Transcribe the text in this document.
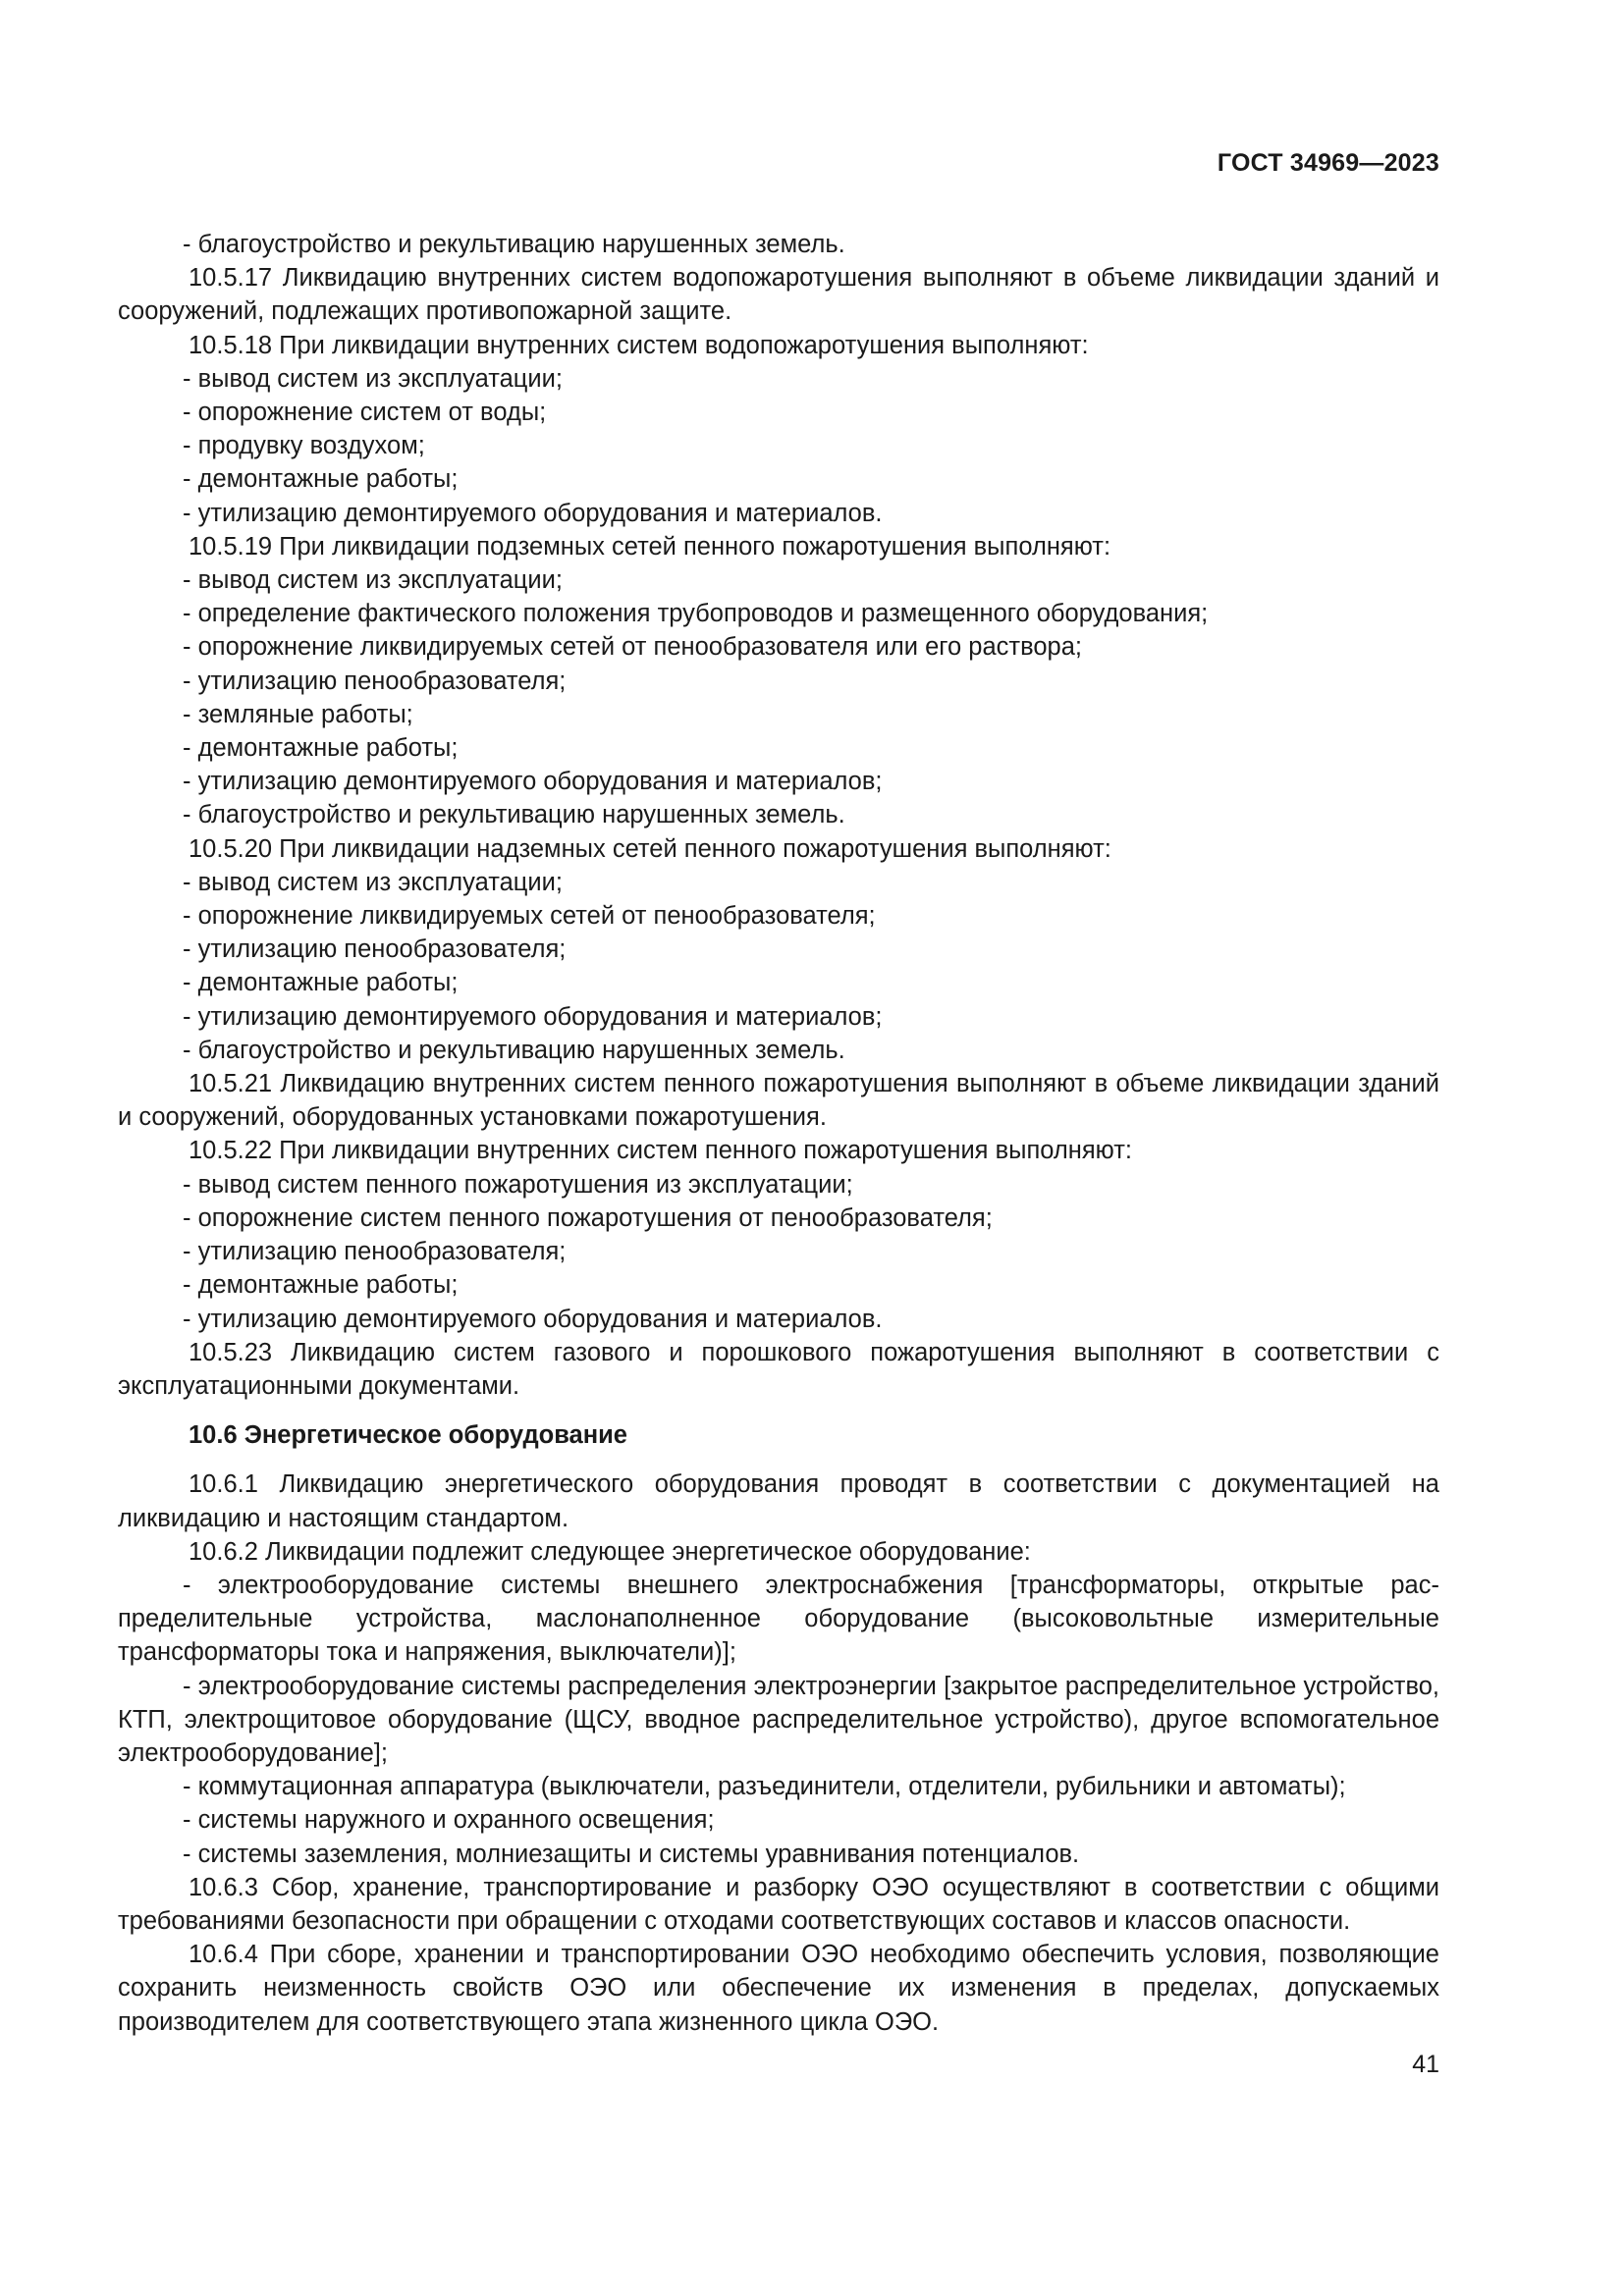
ГОСТ 34969—2023

- благоустройство и рекультивацию нарушенных земель.

10.5.17 Ликвидацию внутренних систем водопожаротушения выполняют в объеме ликвидации зданий и сооружений, подлежащих противопожарной защите.

10.5.18 При ликвидации внутренних систем водопожаротушения выполняют:

- вывод систем из эксплуатации;

- опорожнение систем от воды;

- продувку воздухом;

- демонтажные работы;

- утилизацию демонтируемого оборудования и материалов.

10.5.19 При ликвидации подземных сетей пенного пожаротушения выполняют:

- вывод систем из эксплуатации;

- определение фактического положения трубопроводов и размещенного оборудования;

- опорожнение ликвидируемых сетей от пенообразователя или его раствора;

- утилизацию пенообразователя;

- земляные работы;

- демонтажные работы;

- утилизацию демонтируемого оборудования и материалов;

- благоустройство и рекультивацию нарушенных земель.

10.5.20 При ликвидации надземных сетей пенного пожаротушения выполняют:

- вывод систем из эксплуатации;

- опорожнение ликвидируемых сетей от пенообразователя;

- утилизацию пенообразователя;

- демонтажные работы;

- утилизацию демонтируемого оборудования и материалов;

- благоустройство и рекультивацию нарушенных земель.

10.5.21 Ликвидацию внутренних систем пенного пожаротушения выполняют в объеме ликвидации зданий и сооружений, оборудованных установками пожаротушения.

10.5.22 При ликвидации внутренних систем пенного пожаротушения выполняют:

- вывод систем пенного пожаротушения из эксплуатации;

- опорожнение систем пенного пожаротушения от пенообразователя;

- утилизацию пенообразователя;

- демонтажные работы;

- утилизацию демонтируемого оборудования и материалов.

10.5.23 Ликвидацию систем газового и порошкового пожаротушения выполняют в соответствии с эксплуатационными документами.

10.6 Энергетическое оборудование

10.6.1 Ликвидацию энергетического оборудования проводят в соответствии с документацией на ликвидацию и настоящим стандартом.

10.6.2 Ликвидации подлежит следующее энергетическое оборудование:

- электрооборудование системы внешнего электроснабжения [трансформаторы, открытые распределительные устройства, маслонаполненное оборудование (высоковольтные измерительные трансформаторы тока и напряжения, выключатели)];

- электрооборудование системы распределения электроэнергии [закрытое распределительное устройство, КТП, электрощитовое оборудование (ЩСУ, вводное распределительное устройство), другое вспомогательное электрооборудование];

- коммутационная аппаратура (выключатели, разъединители, отделители, рубильники и автоматы);

- системы наружного и охранного освещения;

- системы заземления, молниезащиты и системы уравнивания потенциалов.

10.6.3 Сбор, хранение, транспортирование и разборку ОЭО осуществляют в соответствии с общими требованиями безопасности при обращении с отходами соответствующих составов и классов опасности.

10.6.4 При сборе, хранении и транспортировании ОЭО необходимо обеспечить условия, позволяющие сохранить неизменность свойств ОЭО или обеспечение их изменения в пределах, допускаемых производителем для соответствующего этапа жизненного цикла ОЭО.

41
